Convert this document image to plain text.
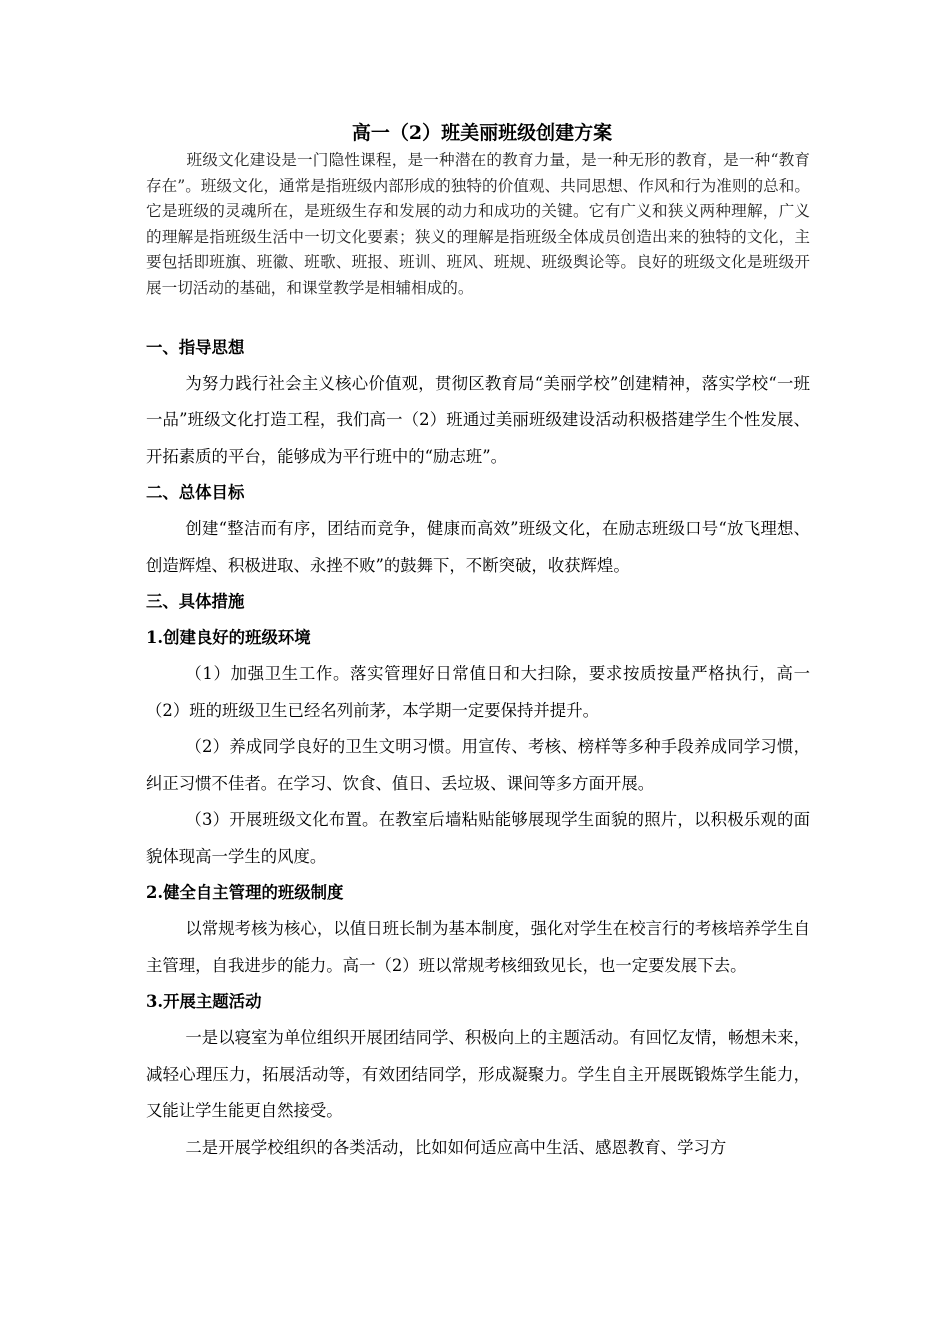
高一（2）班美丽班级创建方案

班级文化建设是一门隐性课程，是一种潜在的教育力量，是一种无形的教育，是一种“教育存在”。班级文化，通常是指班级内部形成的独特的价值观、共同思想、作风和行为准则的总和。它是班级的灵魂所在，是班级生存和发展的动力和成功的关键。它有广义和狭义两种理解，广义的理解是指班级生活中一切文化要素；狭义的理解是指班级全体成员创造出来的独特的文化，主要包括即班旗、班徽、班歌、班报、班训、班风、班规、班级舆论等。良好的班级文化是班级开展一切活动的基础，和课堂教学是相辅相成的。

一、指导思想

为努力践行社会主义核心价值观，贯彻区教育局“美丽学校”创建精神，落实学校“一班一品”班级文化打造工程，我们高一（2）班通过美丽班级建设活动积极搭建学生个性发展、开拓素质的平台，能够成为平行班中的“励志班”。

二、总体目标

创建“整洁而有序，团结而竞争，健康而高效”班级文化，在励志班级口号“放飞理想、创造辉煌、积极进取、永挫不败”的鼓舞下，不断突破，收获辉煌。

三、具体措施

1.创建良好的班级环境

（1）加强卫生工作。落实管理好日常值日和大扫除，要求按质按量严格执行，高一（2）班的班级卫生已经名列前茅，本学期一定要保持并提升。

（2）养成同学良好的卫生文明习惯。用宣传、考核、榜样等多种手段养成同学习惯，纠正习惯不佳者。在学习、饮食、值日、丢垃圾、课间等多方面开展。

（3）开展班级文化布置。在教室后墙粘贴能够展现学生面貌的照片，以积极乐观的面貌体现高一学生的风度。

2.健全自主管理的班级制度

以常规考核为核心，以值日班长制为基本制度，强化对学生在校言行的考核培养学生自主管理，自我进步的能力。高一（2）班以常规考核细致见长，也一定要发展下去。

3.开展主题活动

一是以寝室为单位组织开展团结同学、积极向上的主题活动。有回忆友情，畅想未来，减轻心理压力，拓展活动等，有效团结同学，形成凝聚力。学生自主开展既锻炼学生能力，又能让学生能更自然接受。

二是开展学校组织的各类活动，比如如何适应高中生活、感恩教育、学习方
